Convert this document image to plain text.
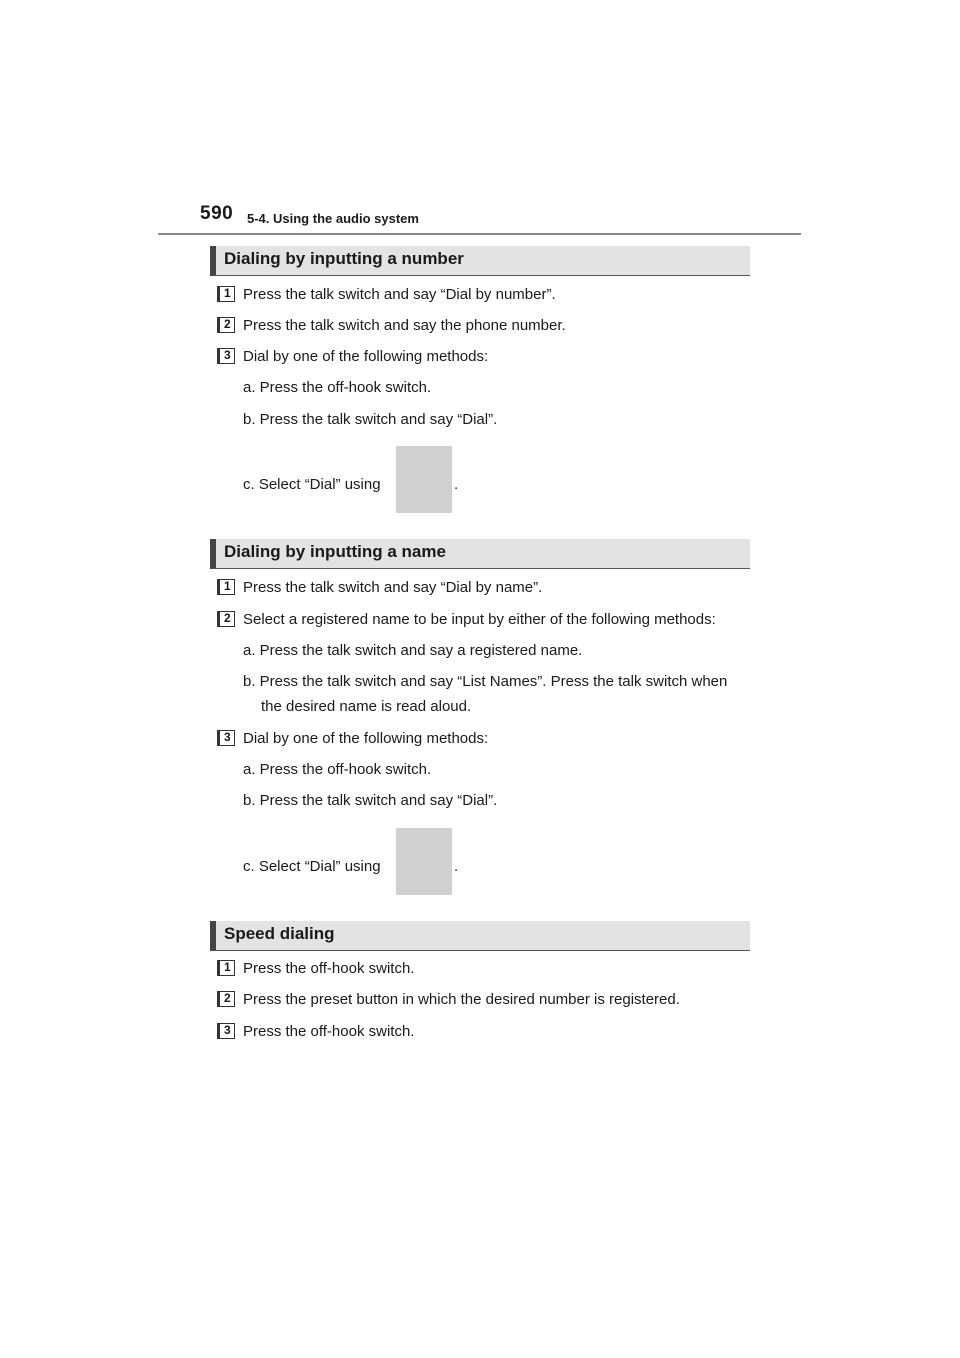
590 5-4. Using the audio system
Dialing by inputting a number
1 Press the talk switch and say “Dial by number”.
2 Press the talk switch and say the phone number.
3 Dial by one of the following methods:
a. Press the off-hook switch.
b. Press the talk switch and say “Dial”.
c. Select “Dial” using	.
Dialing by inputting a name
1 Press the talk switch and say “Dial by name”.
2 Select a registered name to be input by either of the following methods:
a. Press the talk switch and say a registered name.
b. Press the talk switch and say “List Names”. Press the talk switch when
the desired name is read aloud.
3 Dial by one of the following methods:
a. Press the off-hook switch.
b. Press the talk switch and say “Dial”.
c. Select “Dial” using	.
Speed dialing
1 Press the off-hook switch.
2 Press the preset button in which the desired number is registered.
3 Press the off-hook switch.
